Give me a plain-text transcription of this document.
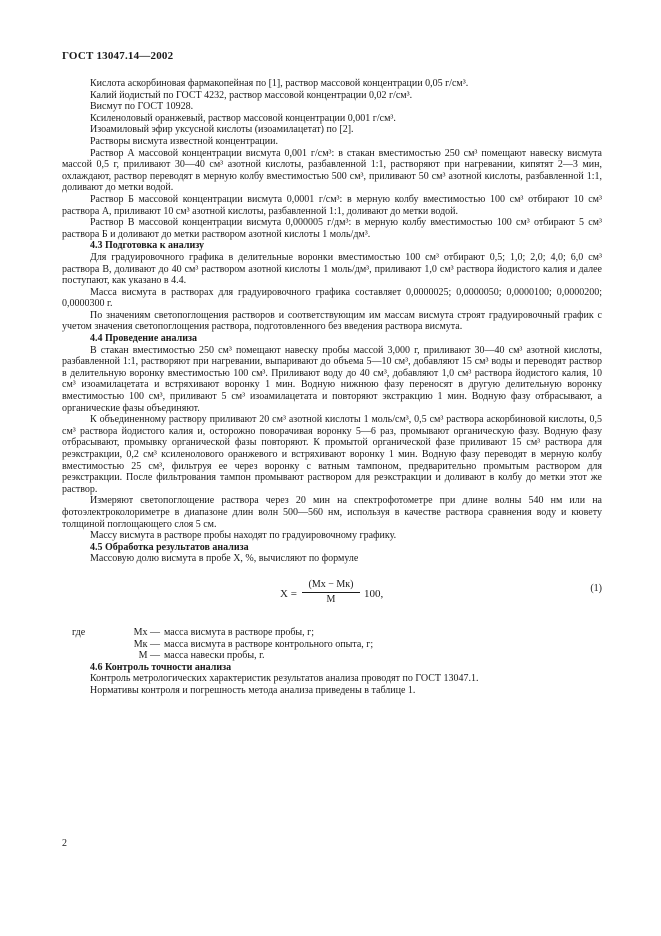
ГОСТ 13047.14—2002

Кислота аскорбиновая фармакопейная по [1], раствор массовой концентрации 0,05 г/см³.

Калий йодистый по ГОСТ 4232, раствор массовой концентрации 0,02 г/см³.

Висмут по ГОСТ 10928.

Ксиленоловый оранжевый, раствор массовой концентрации 0,001 г/см³.

Изоамиловый эфир уксусной кислоты (изоамилацетат) по [2].

Растворы висмута известной концентрации.

Раствор А массовой концентрации висмута 0,001 г/см³: в стакан вместимостью 250 см³ помещают навеску висмута массой 0,5 г, приливают 30—40 см³ азотной кислоты, разбавленной 1:1, растворяют при нагревании, кипятят 2—3 мин, охлаждают, раствор переводят в мерную колбу вместимостью 500 см³, приливают 50 см³ азотной кислоты, разбавленной 1:1, доливают до метки водой.

Раствор Б массовой концентрации висмута 0,0001 г/см³: в мерную колбу вместимостью 100 см³ отбирают 10 см³ раствора А, приливают 10 см³ азотной кислоты, разбавленной 1:1, доливают до метки водой.

Раствор В массовой концентрации висмута 0,000005 г/дм³: в мерную колбу вместимостью 100 см³ отбирают 5 см³ раствора Б и доливают до метки раствором азотной кислоты 1 моль/дм³.

4.3 Подготовка к анализу

Для градуировочного графика в делительные воронки вместимостью 100 см³ отбирают 0,5; 1,0; 2,0; 4,0; 6,0 см³ раствора В, доливают до 40 см³ раствором азотной кислоты 1 моль/дм³, приливают 1,0 см³ раствора йодистого калия и далее поступают, как указано в 4.4.

Масса висмута в растворах для градуировочного графика составляет 0,0000025; 0,0000050; 0,0000100; 0,0000200; 0,0000300 г.

По значениям светопоглощения растворов и соответствующим им массам висмута строят градуировочный график с учетом значения светопоглощения раствора, подготовленного без введения раствора висмута.

4.4 Проведение анализа

В стакан вместимостью 250 см³ помещают навеску пробы массой 3,000 г, приливают 30—40 см³ азотной кислоты, разбавленной 1:1, растворяют при нагревании, выпаривают до объема 5—10 см³, добавляют 15 см³ воды и переводят раствор в делительную воронку вместимостью 100 см³. Приливают воду до 40 см³, добавляют 1,0 см³ раствора йодистого калия, 10 см³ изоамилацетата и встряхивают воронку 1 мин. Водную нижнюю фазу переносят в другую делительную воронку вместимостью 100 см³, приливают 5 см³ изоамилацетата и повторяют экстракцию 1 мин. Водную фазу отбрасывают, а органические фазы объединяют.

К объединенному раствору приливают 20 см³ азотной кислоты 1 моль/см³, 0,5 см³ раствора аскорбиновой кислоты, 0,5 см³ раствора йодистого калия и, осторожно поворачивая воронку 5—6 раз, промывают органическую фазу. Водную фазу отбрасывают, промывку органической фазы повторяют. К промытой органической фазе приливают 15 см³ раствора для реэкстракции, 0,2 см³ ксиленолового оранжевого и встряхивают воронку 1 мин. Водную фазу переводят в мерную колбу вместимостью 25 см³, фильтруя ее через воронку с ватным тампоном, предварительно промытым раствором для реэкстракции. После фильтрования тампон промывают раствором для реэкстракции и доливают в колбу до метки этот же раствор.

Измеряют светопоглощение раствора через 20 мин на спектрофотометре при длине волны 540 нм или на фотоэлектроколориметре в диапазоне длин волн 500—560 нм, используя в качестве раствора сравнения воду и кювету толщиной поглощающего слоя 5 см.

Массу висмута в растворе пробы находят по градуировочному графику.

4.5 Обработка результатов анализа

Массовую долю висмута в пробе X, %, вычисляют по формуле

X =
(Mx − Mк)
M	100,	(1)
где	Mx — масса висмута в растворе пробы, г;
Mк — масса висмута в растворе контрольного опыта, г;
M — масса навески пробы, г.

4.6 Контроль точности анализа

Контроль метрологических характеристик результатов анализа проводят по ГОСТ 13047.1.

Нормативы контроля и погрешность метода анализа приведены в таблице 1.

2
